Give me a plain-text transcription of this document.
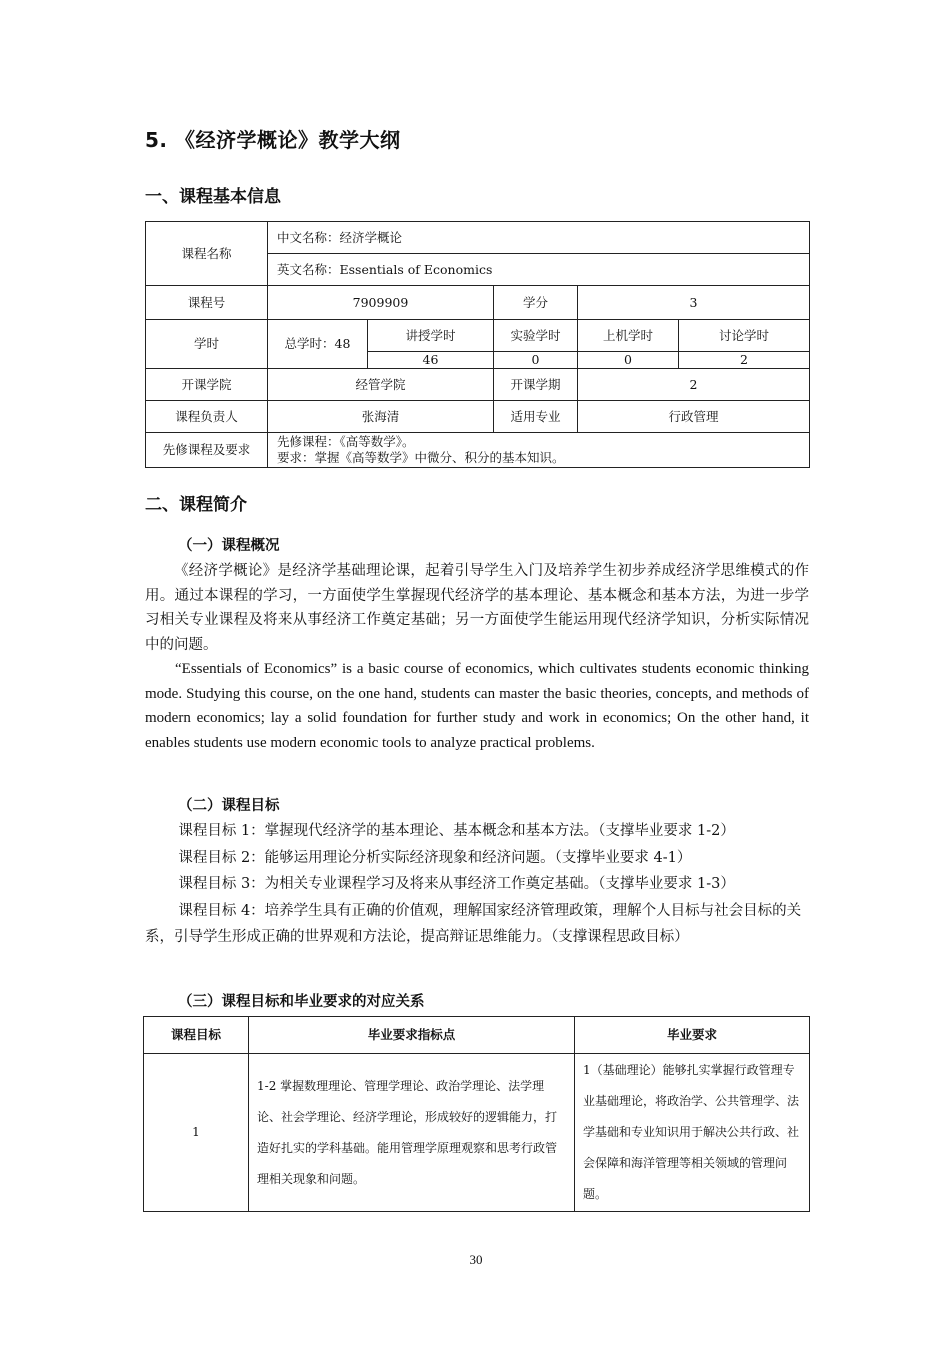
5. 《经济学概论》教学大纲
一、课程基本信息
课程名称	中文名称：经济学概论				
	英文名称：Essentials of Economics				
课程号	7909909		学分	3	
学时	总学时：48	讲授学时	实验学时	上机学时	讨论学时
		46	0	0	2
开课学院	经管学院		开课学期	2	
课程负责人	张海清		适用专业	行政管理	
先修课程及要求	先修课程：《高等数学》。
要求：掌握《高等数学》中微分、积分的基本知识。				
二、课程简介
（一）课程概况

《经济学概论》是经济学基础理论课，起着引导学生入门及培养学生初步养成经济学思维模式的作用。通过本课程的学习，一方面使学生掌握现代经济学的基本理论、基本概念和基本方法，为进一步学习相关专业课程及将来从事经济工作奠定基础；另一方面使学生能运用现代经济学知识，分析实际情况中的问题。

“Essentials of Economics” is a basic course of economics, which cultivates students economic thinking mode. Studying this course, on the one hand, students can master the basic theories, concepts, and methods of modern economics; lay a solid foundation for further study and work in economics; On the other hand, it enables students use modern economic tools to analyze practical problems.

（二）课程目标

课程目标 1：掌握现代经济学的基本理论、基本概念和基本方法。（支撑毕业要求 1-2）

课程目标 2：能够运用理论分析实际经济现象和经济问题。（支撑毕业要求 4-1）

课程目标 3：为相关专业课程学习及将来从事经济工作奠定基础。（支撑毕业要求 1-3）

课程目标 4：培养学生具有正确的价值观，理解国家经济管理政策，理解个人目标与社会目标的关系，引导学生形成正确的世界观和方法论，提高辩证思维能力。（支撑课程思政目标）

（三）课程目标和毕业要求的对应关系
课程目标	毕业要求指标点	毕业要求
1	1-2 掌握数理理论、管理学理论、政治学理论、法学理论、社会学理论、经济学理论，形成较好的逻辑能力，打造好扎实的学科基础。能用管理学原理观察和思考行政管理相关现象和问题。	1（基础理论）能够扎实掌握行政管理专业基础理论，将政治学、公共管理学、法学基础和专业知识用于解决公共行政、社会保障和海洋管理等相关领域的管理问题。
30
